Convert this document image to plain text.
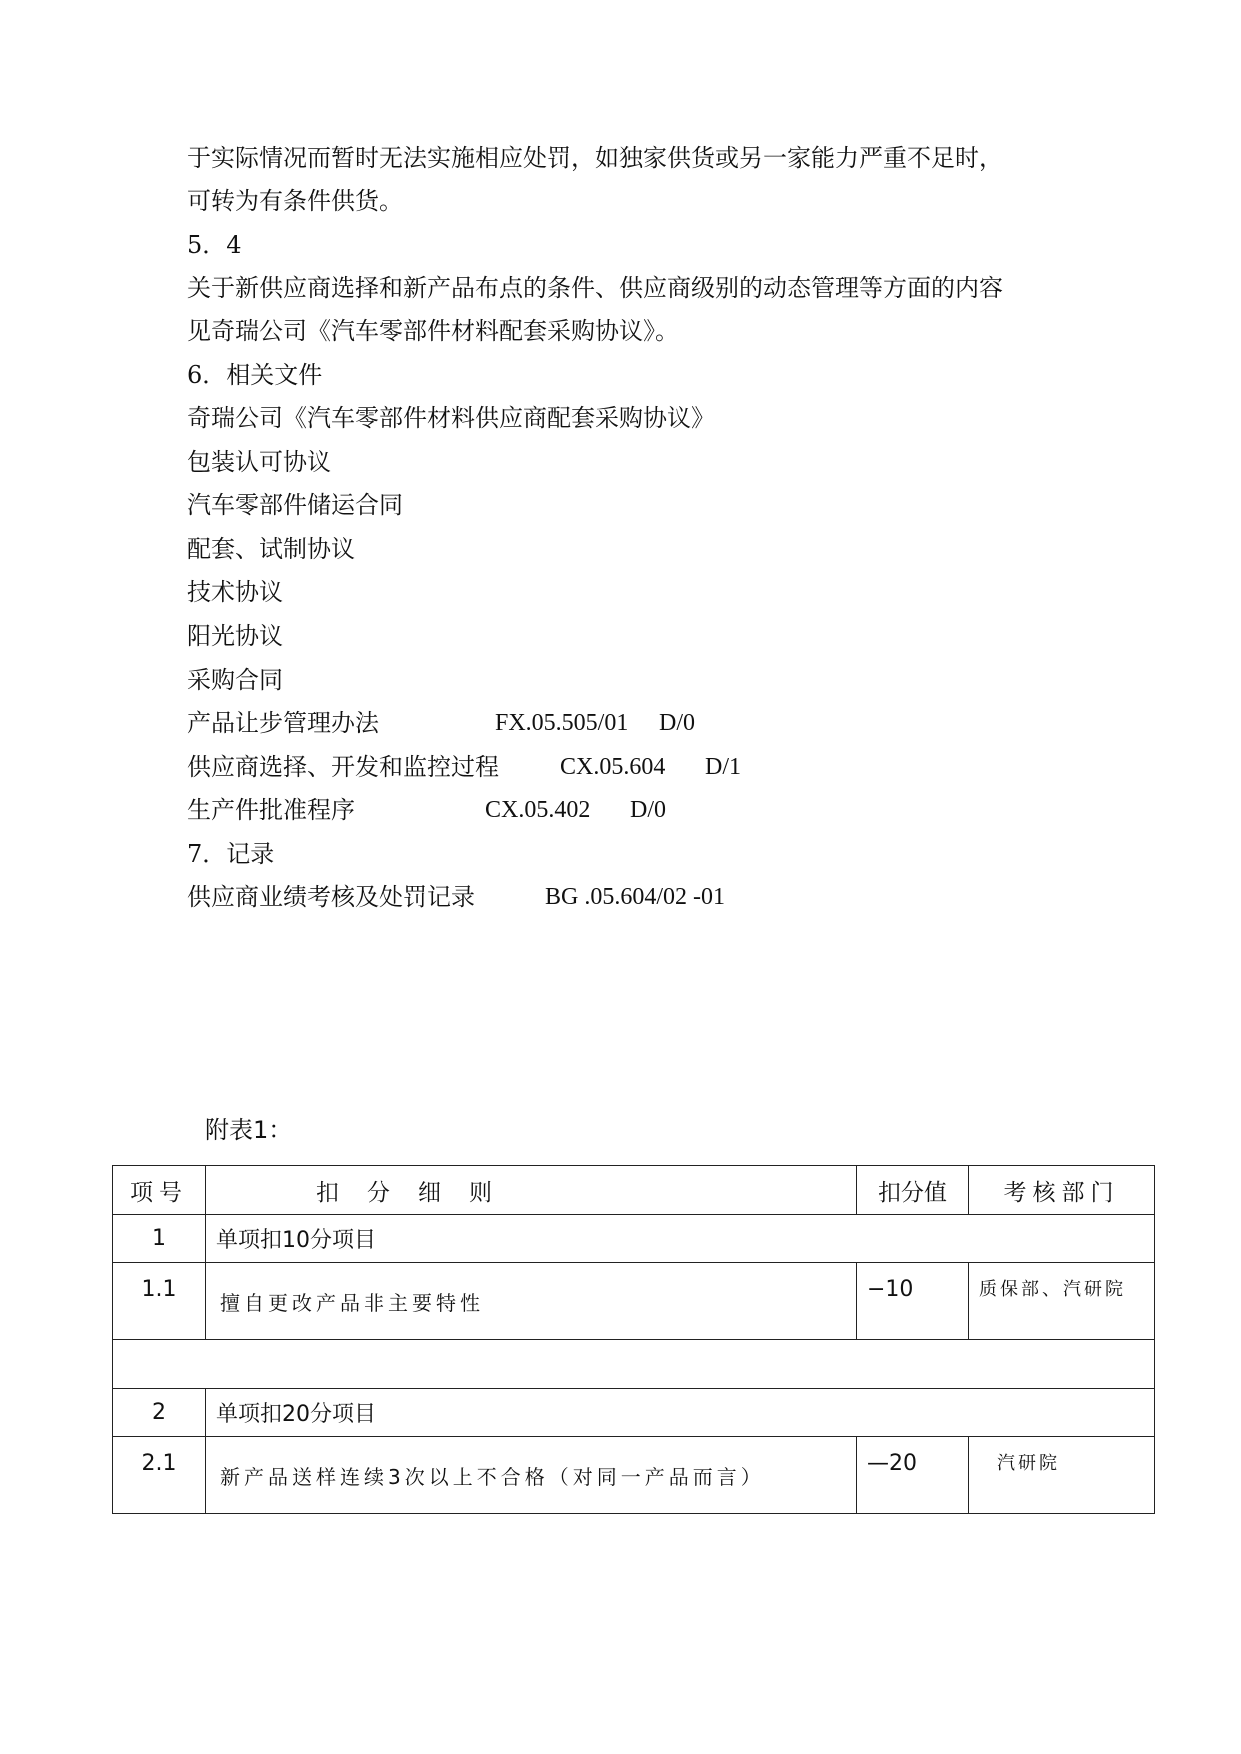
于实际情况而暂时无法实施相应处罚，如独家供货或另一家能力严重不足时，
可转为有条件供货。
5．4
关于新供应商选择和新产品布点的条件、供应商级别的动态管理等方面的内容
见奇瑞公司《汽车零部件材料配套采购协议》。
6．相关文件
奇瑞公司《汽车零部件材料供应商配套采购协议》
包装认可协议
汽车零部件储运合同
配套、试制协议
技术协议
阳光协议
采购合同
产品让步管理办法	FX.05.505/01 D/0
供应商选择、开发和监控过程	CX.05.604 D/1
生产件批准程序	CX.05.402 D/0
7．记录
供应商业绩考核及处罚记录	BG .05.604/02 -01
附表1：
项号	扣分细则	扣分值	考核部门
1	单项扣10分项目		
1.1	擅自更改产品非主要特性	−10	质保部、汽研院

2	单项扣20分项目		
2.1	新产品送样连续3次以上不合格（对同一产品而言）	—20	汽研院
